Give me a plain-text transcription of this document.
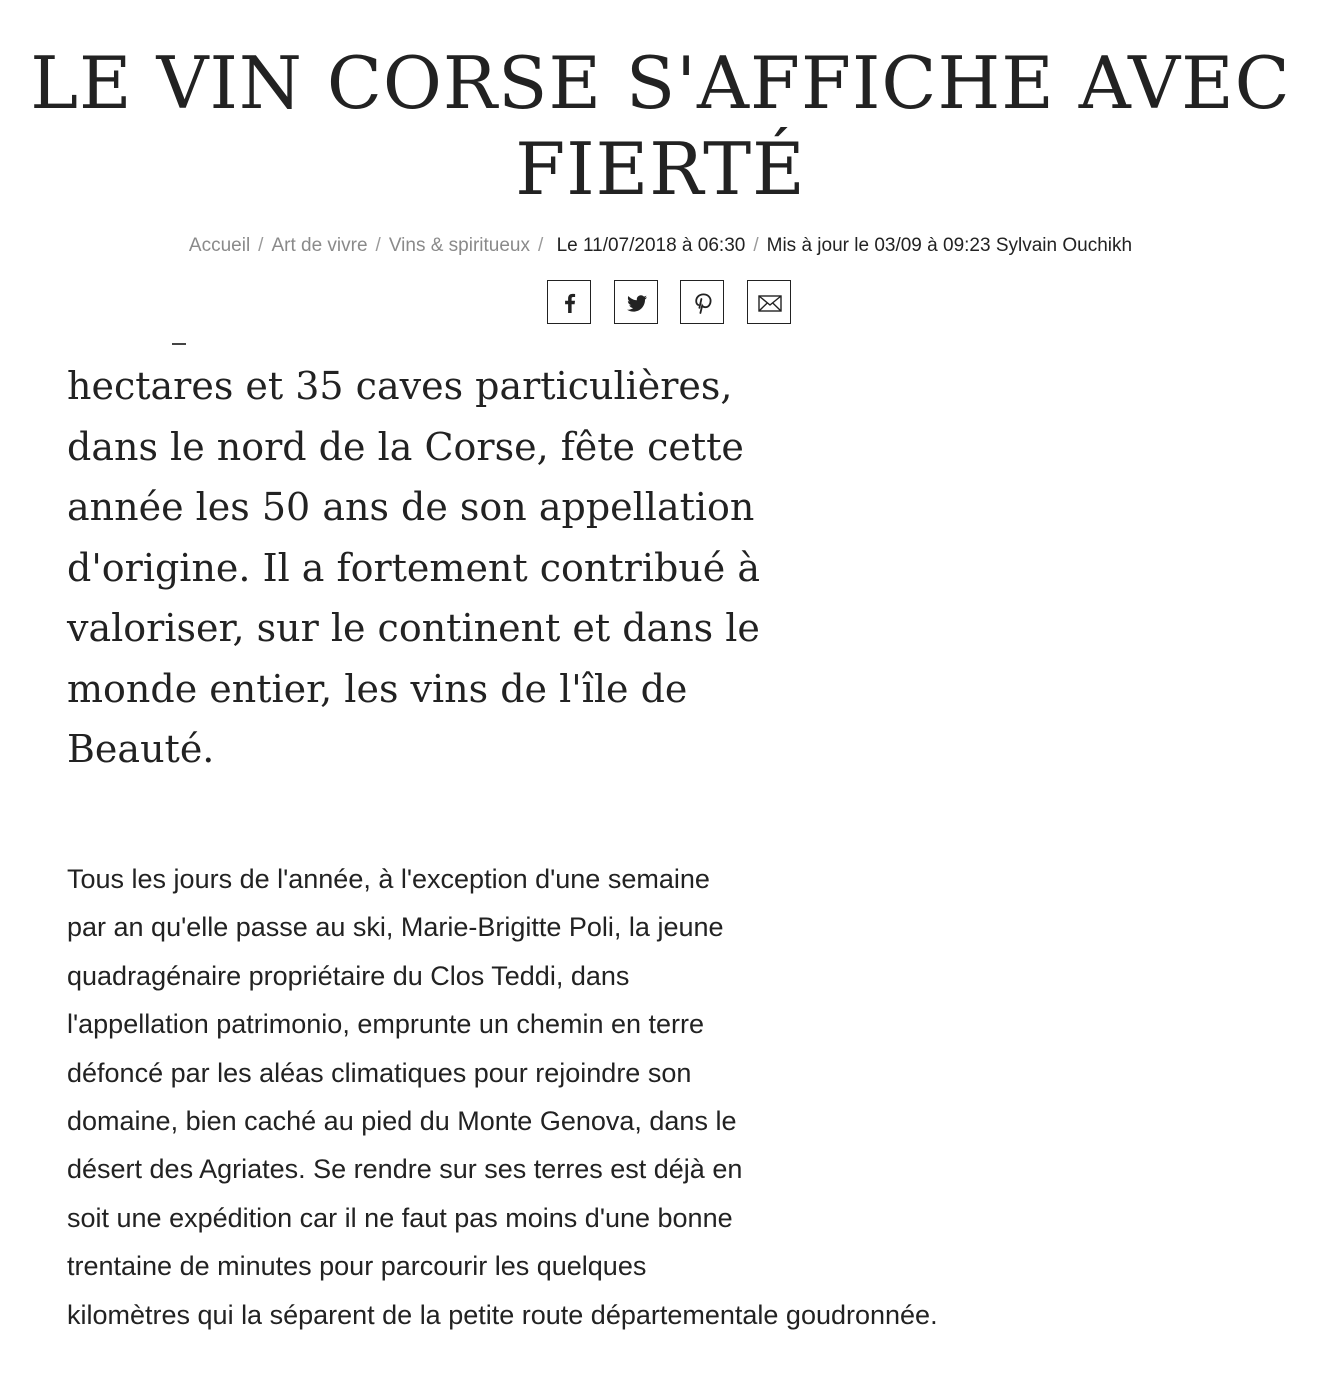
LE VIN CORSE S'AFFICHE AVEC FIERTÉ
Accueil / Art de vivre / Vins & spiritueux / Le 11/07/2018 à 06:30 / Mis à jour le 03/09 à 09:23 Sylvain Ouchikh

hectares et 35 caves particulières, dans le nord de la Corse, fête cette année les 50 ans de son appellation d'origine. Il a fortement contribué à valoriser, sur le continent et dans le monde entier, les vins de l'île de Beauté.

Tous les jours de l'année, à l'exception d'une semaine
par an qu'elle passe au ski, Marie-Brigitte Poli, la jeune
quadragénaire propriétaire du Clos Teddi, dans
l'appellation patrimonio, emprunte un chemin en terre
défoncé par les aléas climatiques pour rejoindre son
domaine, bien caché au pied du Monte Genova, dans le
désert des Agriates. Se rendre sur ses terres est déjà en
soit une expédition car il ne faut pas moins d'une bonne
trentaine de minutes pour parcourir les quelques
kilomètres qui la séparent de la petite route départementale goudronnée.
